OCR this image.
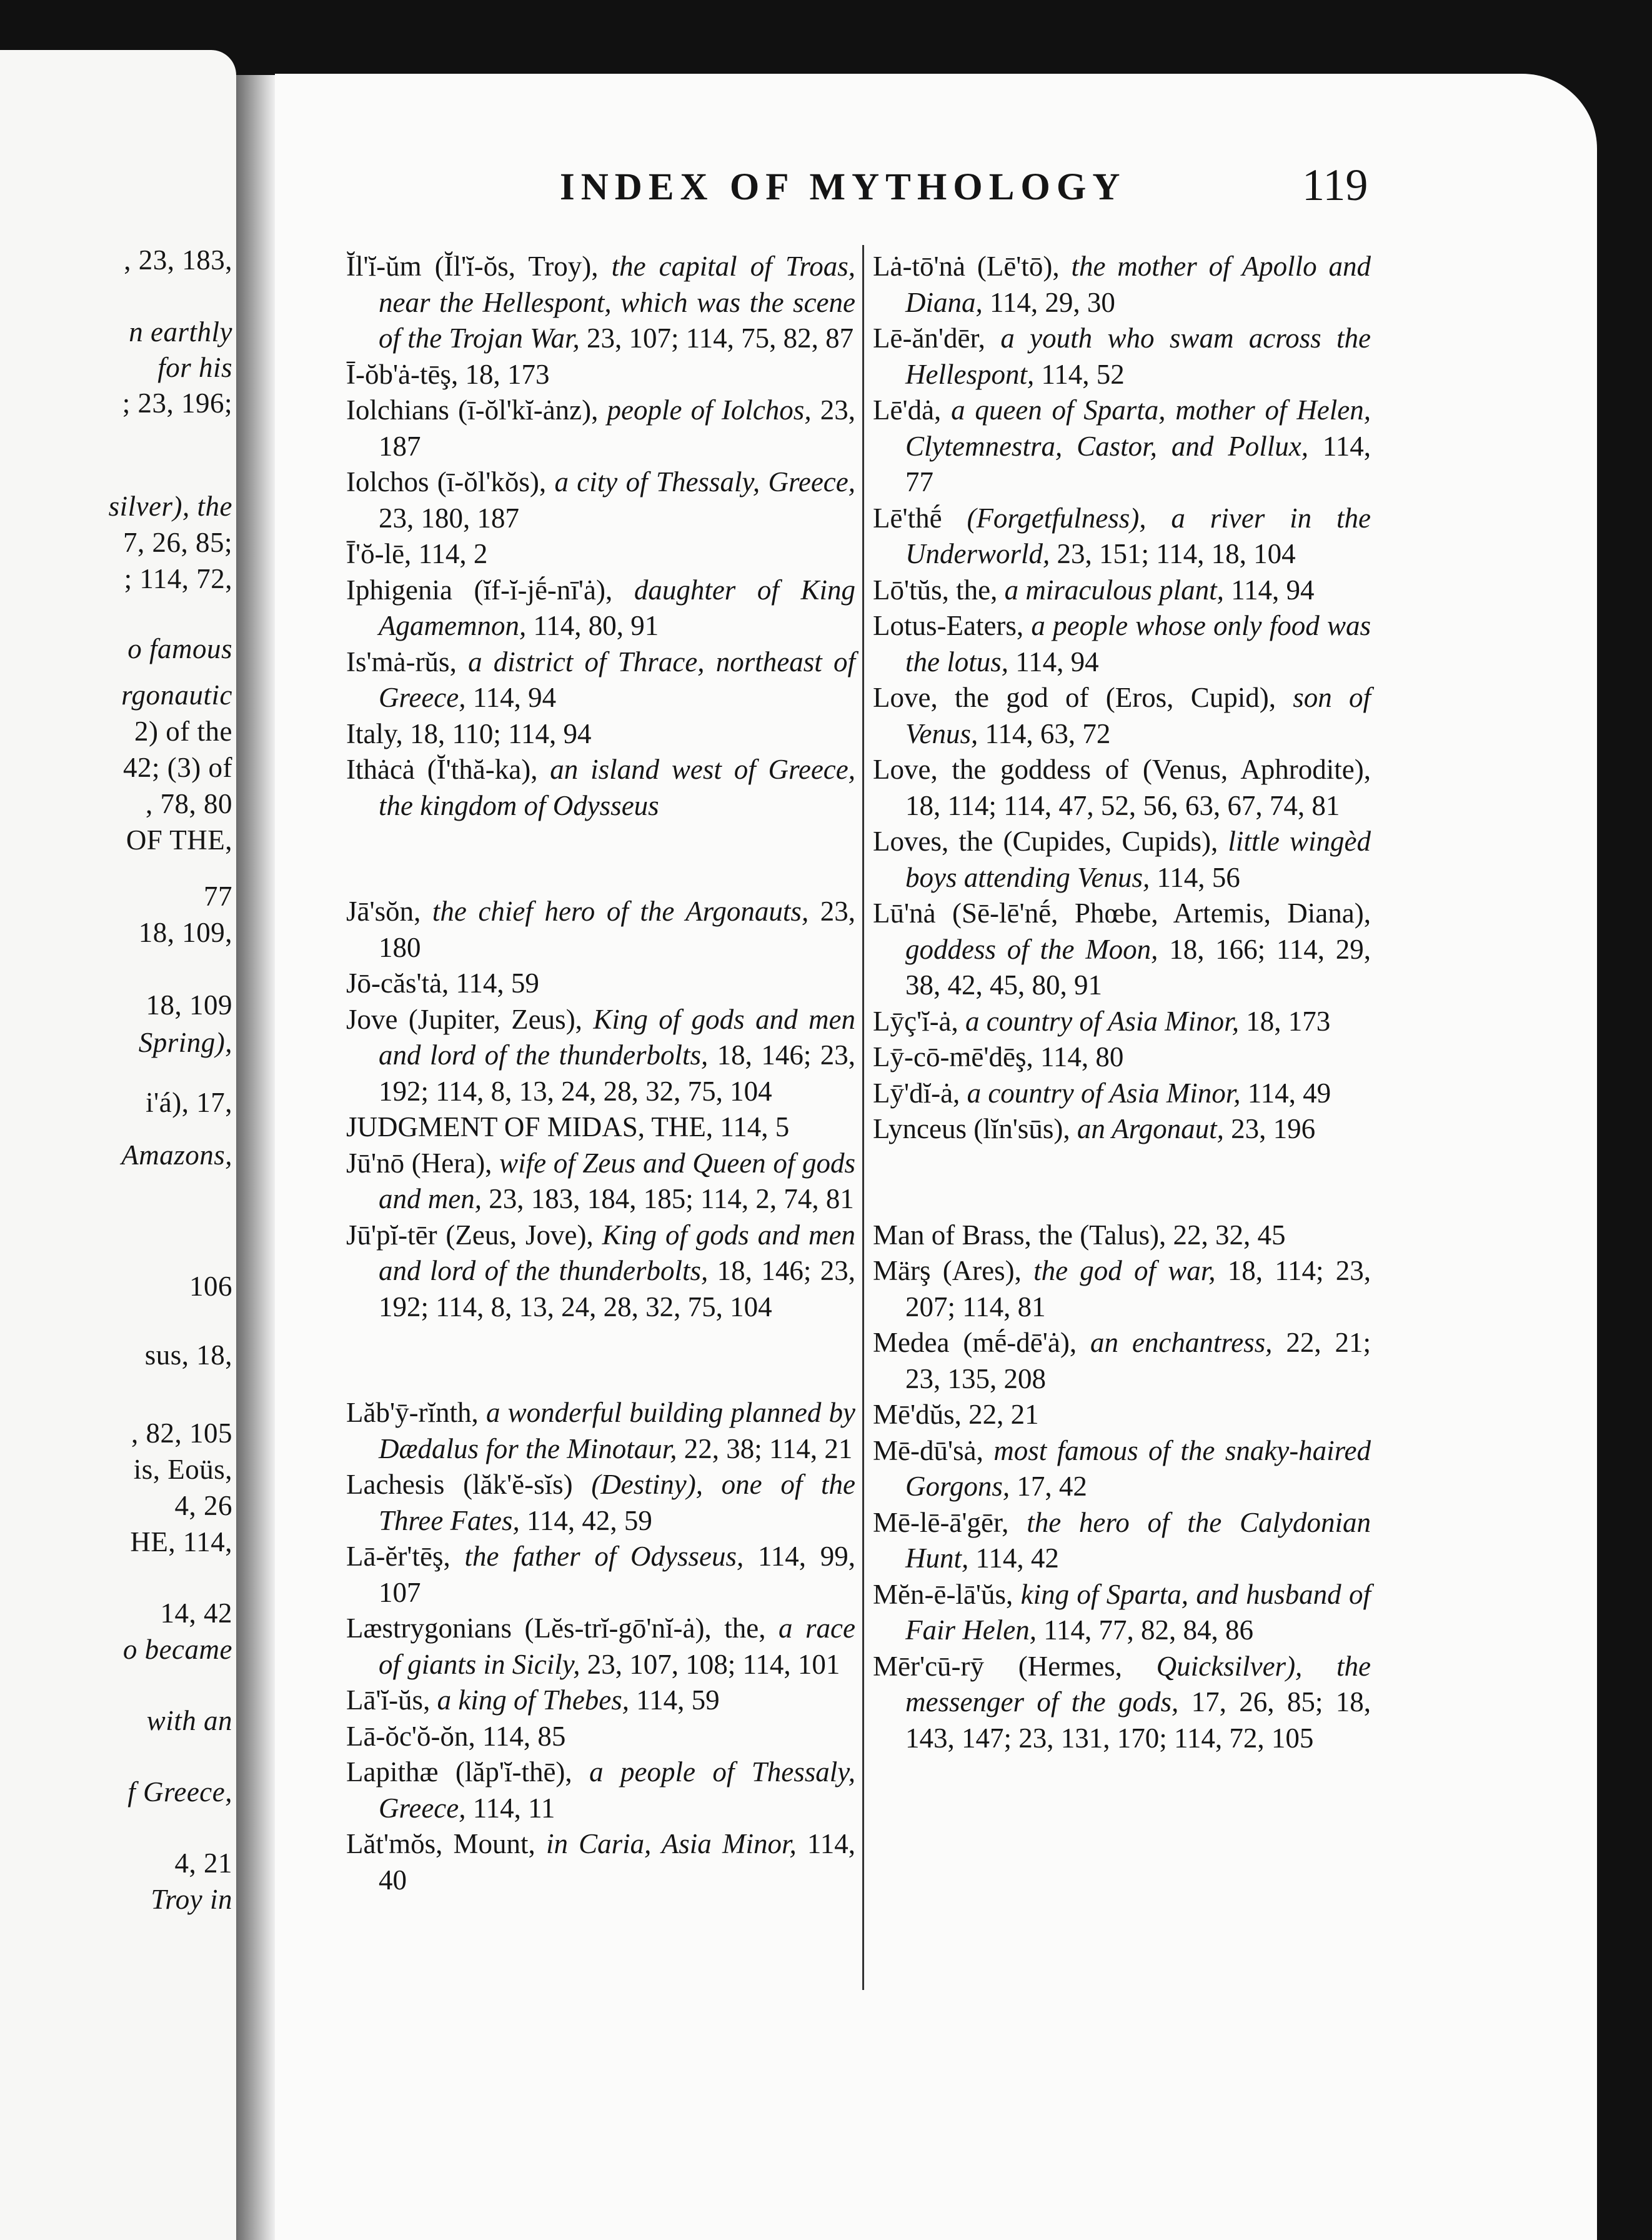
, 23, 183,
n earthly
for his
; 23, 196;
silver), the
7, 26, 85;
; 114, 72,
o famous
rgonautic
2) of the
42; (3) of
, 78, 80
OF THE,
77
18, 109,
18, 109
Spring),
i'á), 17,
Amazons,
106
sus, 18,
, 82, 105
is, Eoüs,
4, 26
HE, 114,
14, 42
o became
with an
f Greece,
4, 21
Troy in
INDEX OF MYTHOLOGY	119
Ĭl'ĭ-ŭm (Ĭl'ĭ-ŏs, Troy), the capital of Troas, near the Hellespont, which was the scene of the Trojan War, 23, 107; 114, 75, 82, 87
Ī-ŏb'ȧ-tēş, 18, 173
Iolchians (ī-ŏl'kĭ-ȧnz), people of Iolchos, 23, 187
Iolchos (ī-ŏl'kŏs), a city of Thessaly, Greece, 23, 180, 187
Ī'ŏ-lē, 114, 2
Iphigenia (ĭf-ĭ-jḗ-nī'ȧ), daughter of King Agamemnon, 114, 80, 91
Is'mȧ-rŭs, a district of Thrace, northeast of Greece, 114, 94
Italy, 18, 110; 114, 94
Ithȧcȧ (Ĭ'thă-ka), an island west of Greece, the kingdom of Odysseus
Jā'sŏn, the chief hero of the Argonauts, 23, 180
Jō-căs'tȧ, 114, 59
Jove (Jupiter, Zeus), King of gods and men and lord of the thunderbolts, 18, 146; 23, 192; 114, 8, 13, 24, 28, 32, 75, 104
JUDGMENT OF MIDAS, THE, 114, 5
Jū'nō (Hera), wife of Zeus and Queen of gods and men, 23, 183, 184, 185; 114, 2, 74, 81
Jū'pĭ-tēr (Zeus, Jove), King of gods and men and lord of the thunderbolts, 18, 146; 23, 192; 114, 8, 13, 24, 28, 32, 75, 104
Lăb'ȳ-rĭnth, a wonderful building planned by Dædalus for the Minotaur, 22, 38; 114, 21
Lachesis (lăk'ĕ-sĭs) (Destiny), one of the Three Fates, 114, 42, 59
Lā-ĕr'tēş, the father of Odysseus, 114, 99, 107
Læstrygonians (Lĕs-trĭ-gō'nĭ-ȧ), the, a race of giants in Sicily, 23, 107, 108; 114, 101
Lā'ĭ-ŭs, a king of Thebes, 114, 59
Lā-ŏc'ŏ-ŏn, 114, 85
Lapithæ (lăp'ĭ-thē), a people of Thessaly, Greece, 114, 11
Lăt'mŏs, Mount, in Caria, Asia Minor, 114, 40
Lȧ-tō'nȧ (Lē'tō), the mother of Apollo and Diana, 114, 29, 30
Lē-ăn'dēr, a youth who swam across the Hellespont, 114, 52
Lē'dȧ, a queen of Sparta, mother of Helen, Clytemnestra, Castor, and Pollux, 114, 77
Lē'thḗ (Forgetfulness), a river in the Underworld, 23, 151; 114, 18, 104
Lō'tŭs, the, a miraculous plant, 114, 94
Lotus-Eaters, a people whose only food was the lotus, 114, 94
Love, the god of (Eros, Cupid), son of Venus, 114, 63, 72
Love, the goddess of (Venus, Aphrodite), 18, 114; 114, 47, 52, 56, 63, 67, 74, 81
Loves, the (Cupides, Cupids), little wingèd boys attending Venus, 114, 56
Lū'nȧ (Sē-lē'nḗ, Phœbe, Artemis, Diana), goddess of the Moon, 18, 166; 114, 29, 38, 42, 45, 80, 91
Lȳç'ĭ-ȧ, a country of Asia Minor, 18, 173
Lȳ-cō-mē'dēş, 114, 80
Lȳ'dĭ-ȧ, a country of Asia Minor, 114, 49
Lynceus (lĭn'sūs), an Argonaut, 23, 196
Man of Brass, the (Talus), 22, 32, 45
Märş (Ares), the god of war, 18, 114; 23, 207; 114, 81
Medea (mḗ-dē'ȧ), an enchantress, 22, 21; 23, 135, 208
Mē'dŭs, 22, 21
Mē-dū'sȧ, most famous of the snaky-haired Gorgons, 17, 42
Mē-lē-ā'gēr, the hero of the Calydonian Hunt, 114, 42
Mĕn-ē-lā'ŭs, king of Sparta, and husband of Fair Helen, 114, 77, 82, 84, 86
Mēr'cū-rȳ (Hermes, Quicksilver), the messenger of the gods, 17, 26, 85; 18, 143, 147; 23, 131, 170; 114, 72, 105
